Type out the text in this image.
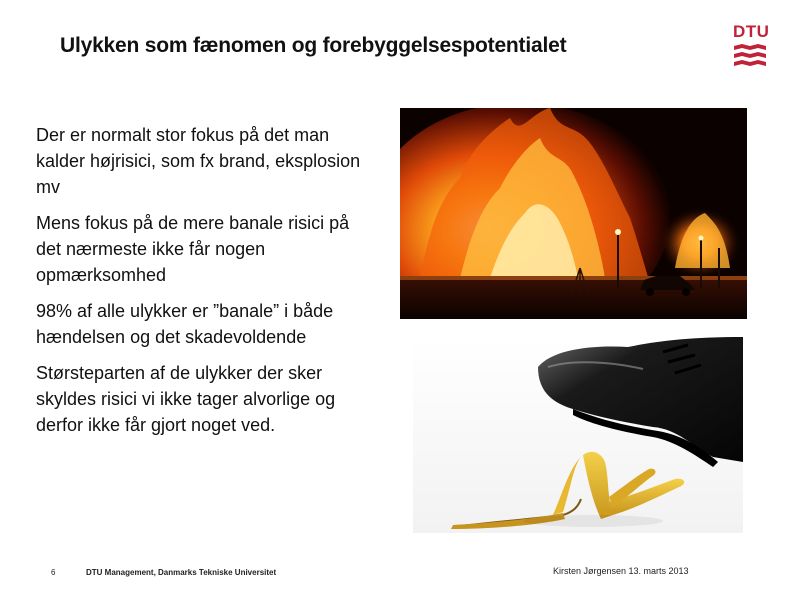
Ulykken som fænomen og forebyggelsespotentialet
DTU

Der er normalt stor fokus på det man kalder højrisici, som fx brand, eksplosion mv

Mens fokus på de mere banale risici på det nærmeste ikke får nogen opmærksomhed

98% af alle ulykker er ”banale” i både hændelsen og det skadevoldende

Størsteparten af de ulykker der sker skyldes risici vi ikke tager alvorlige og derfor ikke får gjort noget ved.

6	DTU Management, Danmarks Tekniske Universitet	Kirsten Jørgensen 13. marts 2013
